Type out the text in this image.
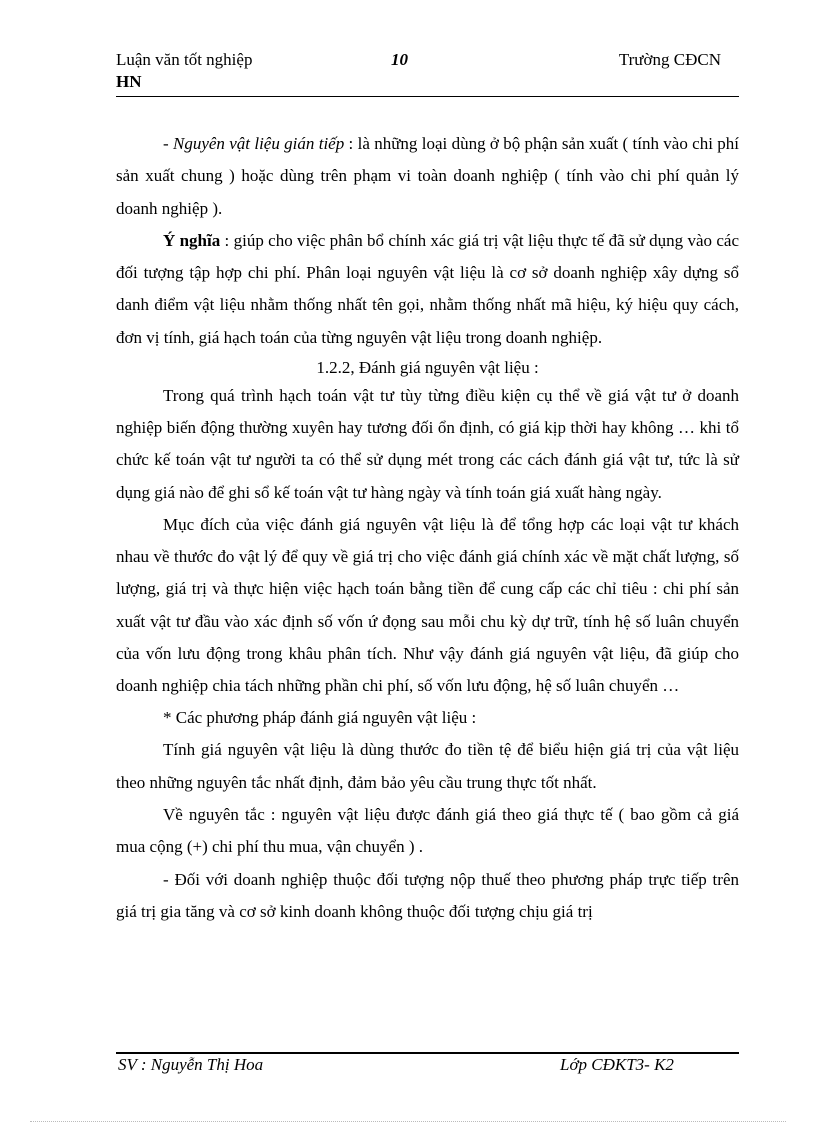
Luận văn tốt nghiệp
HN
10	Trường CĐCN

- Nguyên vật liệu gián tiếp : là những loại dùng ở bộ phận sản xuất ( tính vào chi phí sản xuất chung ) hoặc dùng trên phạm vi toàn doanh nghiệp ( tính vào chi phí quản lý doanh nghiệp ).

Ý nghĩa : giúp cho việc phân bổ chính xác giá trị vật liệu thực tế đã sử dụng vào các đối tượng tập hợp chi phí. Phân loại nguyên vật liệu là cơ sở doanh nghiệp xây dựng sổ danh điểm vật liệu nhằm thống nhất tên gọi, nhằm thống nhất mã hiệu, ký hiệu quy cách, đơn vị tính, giá hạch toán của từng nguyên vật liệu trong doanh nghiệp.

1.2.2, Đánh giá nguyên vật liệu :

Trong quá trình hạch toán vật tư tùy từng điều kiện cụ thể về giá vật tư ở doanh nghiệp biến động thường xuyên hay tương đối ổn định, có giá kịp thời hay không … khi tổ chức kế toán vật tư người ta có thể sử dụng mét trong các cách đánh giá vật tư, tức là sử dụng giá nào để ghi sổ kế toán vật tư hàng ngày và tính toán giá xuất hàng ngày.

Mục đích của việc đánh giá nguyên vật liệu là để tổng hợp các loại vật tư khách nhau về thước đo vật lý để quy về giá trị cho việc đánh giá chính xác về mặt chất lượng, số lượng, giá trị và thực hiện việc hạch toán bằng tiền để cung cấp các chỉ tiêu : chi phí sản xuất vật tư đầu vào xác định số vốn ứ đọng sau mỗi chu kỳ dự trữ, tính hệ số luân chuyển của vốn lưu động trong khâu phân tích. Như vậy đánh giá nguyên vật liệu, đã giúp cho doanh nghiệp chia tách những phần chi phí, số vốn lưu động, hệ số luân chuyển …

* Các phương pháp đánh giá nguyên vật liệu :

Tính giá nguyên vật liệu là dùng thước đo tiền tệ để biểu hiện giá trị của vật liệu theo những nguyên tắc nhất định, đảm bảo yêu cầu trung thực tốt nhất.

Về nguyên tắc : nguyên vật liệu được đánh giá theo giá thực tế ( bao gồm cả giá mua cộng (+) chi phí thu mua, vận chuyển ) .

- Đối với doanh nghiệp thuộc đối tượng nộp thuế theo phương pháp trực tiếp trên giá trị gia tăng và cơ sở kinh doanh không thuộc đối tượng chịu giá trị

SV : Nguyễn Thị Hoa	Lớp CĐKT3- K2
